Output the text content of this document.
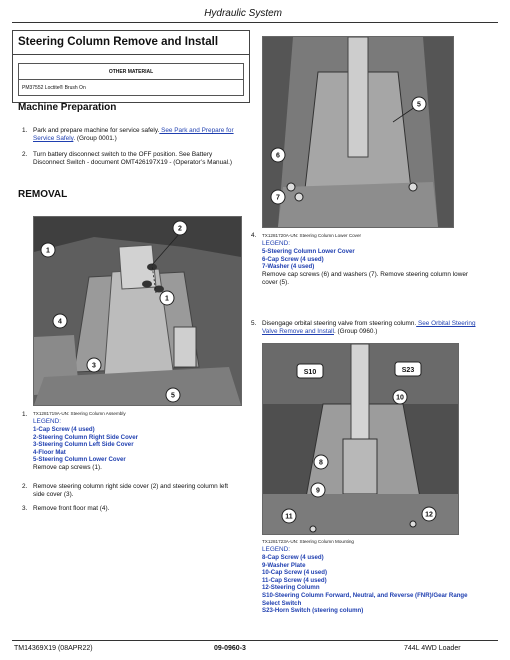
Hydraulic System
Steering Column Remove and Install
OTHER MATERIAL
PM37552 Loctite® Brush On
Machine Preparation
1. Park and prepare machine for service safely. See Park and Prepare for Service Safely. (Group 0001.)
2. Turn battery disconnect switch to the OFF position. See Battery Disconnect Switch - document OMT426197X19 - (Operator’s Manual.)
REMOVAL
2
1
1
3
4
5
TX1281719A-UN: Steering Column Assembly
1.
LEGEND:
1-Cap Screw (4 used)
2-Steering Column Right Side Cover
3-Steering Column Left Side Cover
4-Floor Mat
5-Steering Column Lower Cover
Remove cap screws (1).
2. Remove steering column right side cover (2) and steering column left side cover (3).
3. Remove front floor mat (4).
5
6
7
4.	TX1281720A-UN: Steering Column Lower Cover
LEGEND:
5-Steering Column Lower Cover
6-Cap Screw (4 used)
7-Washer (4 used)
Remove cap screws (6) and washers (7). Remove steering column lower cover (5).
5. Disengage orbital steering valve from steering column. See Orbital Steering Valve Remove and Install. (Group 0960.)
S10	S23
10
8
9
11	12
TX1281723A-UN: Steering Column Mounting
LEGEND:
8-Cap Screw (4 used)
9-Washer Plate
10-Cap Screw (4 used)
11-Cap Screw (4 used)
12-Steering Column
S10-Steering Column Forward, Neutral, and Reverse (FNR)/Gear Range Select Switch
S23-Horn Switch (steering column)
TM14369X19 (08APR22)	09-0960-3	744L 4WD Loader
